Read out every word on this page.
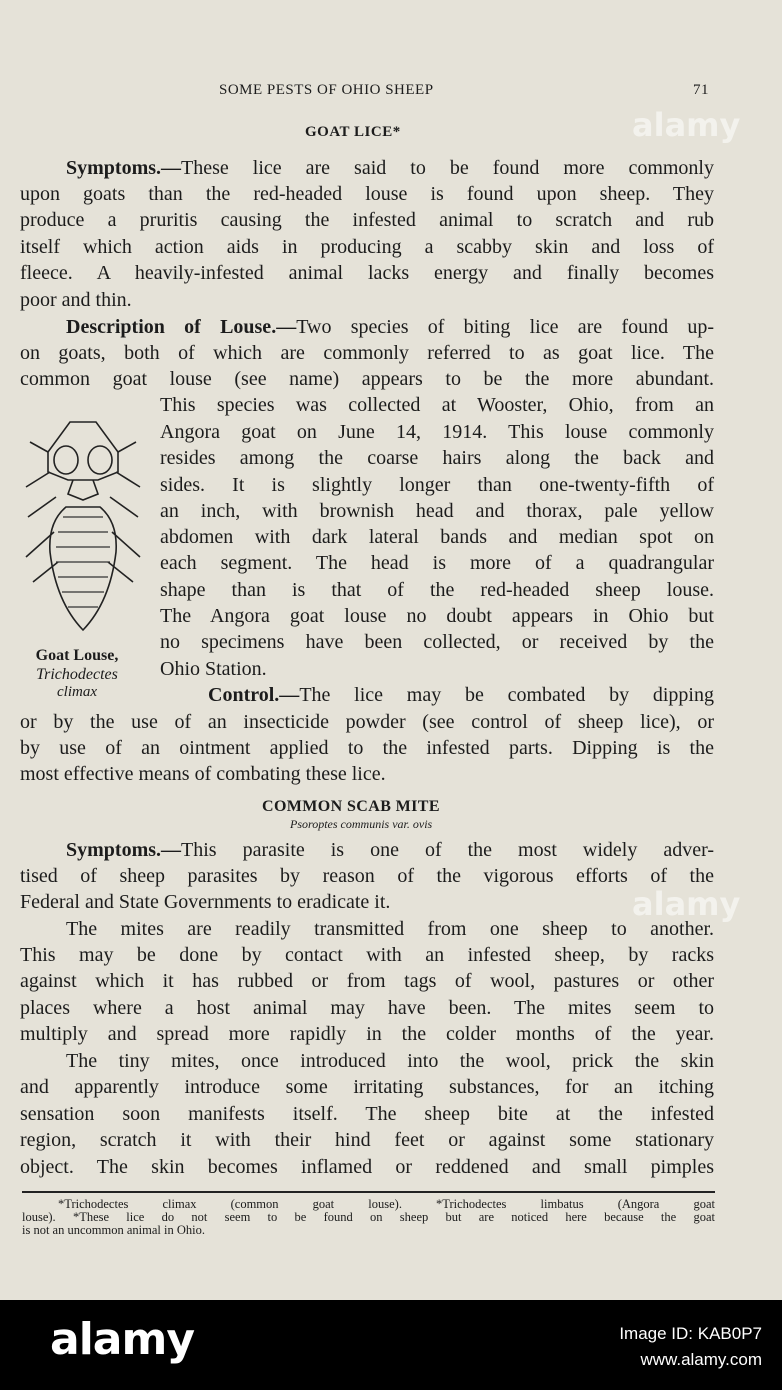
SOME PESTS OF OHIO SHEEP	71
GOAT LICE*
Symptoms.—These lice are said to be found more commonly
upon goats than the red-headed louse is found upon sheep. They
produce a pruritis causing the infested animal to scratch and rub
itself which action aids in producing a scabby skin and loss of
fleece. A heavily-infested animal lacks energy and finally becomes
poor and thin.
Description of Louse.—Two species of biting lice are found up-
on goats, both of which are commonly referred to as goat lice. The
common goat louse (see name) appears to be the more abundant.
This species was collected at Wooster, Ohio, from an
Angora goat on June 14, 1914. This louse commonly
resides among the coarse hairs along the back and
sides. It is slightly longer than one-twenty-fifth of
an inch, with brownish head and thorax, pale yellow
abdomen with dark lateral bands and median spot on
each segment. The head is more of a quadrangular
shape than is that of the red-headed sheep louse.
The Angora goat louse no doubt appears in Ohio but
no specimens have been collected, or received by the
Ohio Station.
Control.—The lice may be combated by dipping
or by the use of an insecticide powder (see control of sheep lice), or
by use of an ointment applied to the infested parts. Dipping is the
most effective means of combating these lice.
Symptoms.—This parasite is one of the most widely adver-
tised of sheep parasites by reason of the vigorous efforts of the
Federal and State Governments to eradicate it.
The mites are readily transmitted from one sheep to another.
This may be done by contact with an infested sheep, by racks
against which it has rubbed or from tags of wool, pastures or other
places where a host animal may have been. The mites seem to
multiply and spread more rapidly in the colder months of the year.
The tiny mites, once introduced into the wool, prick the skin
and apparently introduce some irritating substances, for an itching
sensation soon manifests itself. The sheep bite at the infested
region, scratch it with their hind feet or against some stationary
object. The skin becomes inflamed or reddened and small pimples
Goat Louse,
Trichodectes
climax
COMMON SCAB MITE
Psoroptes communis var. ovis
*Trichodectes climax (common goat louse). *Trichodectes limbatus (Angora goat
louse). *These lice do not seem to be found on sheep but are noticed here because the goat
is not an uncommon animal in Ohio.
alamy
alamy
alamy	Image ID: KAB0P7
www.alamy.com
